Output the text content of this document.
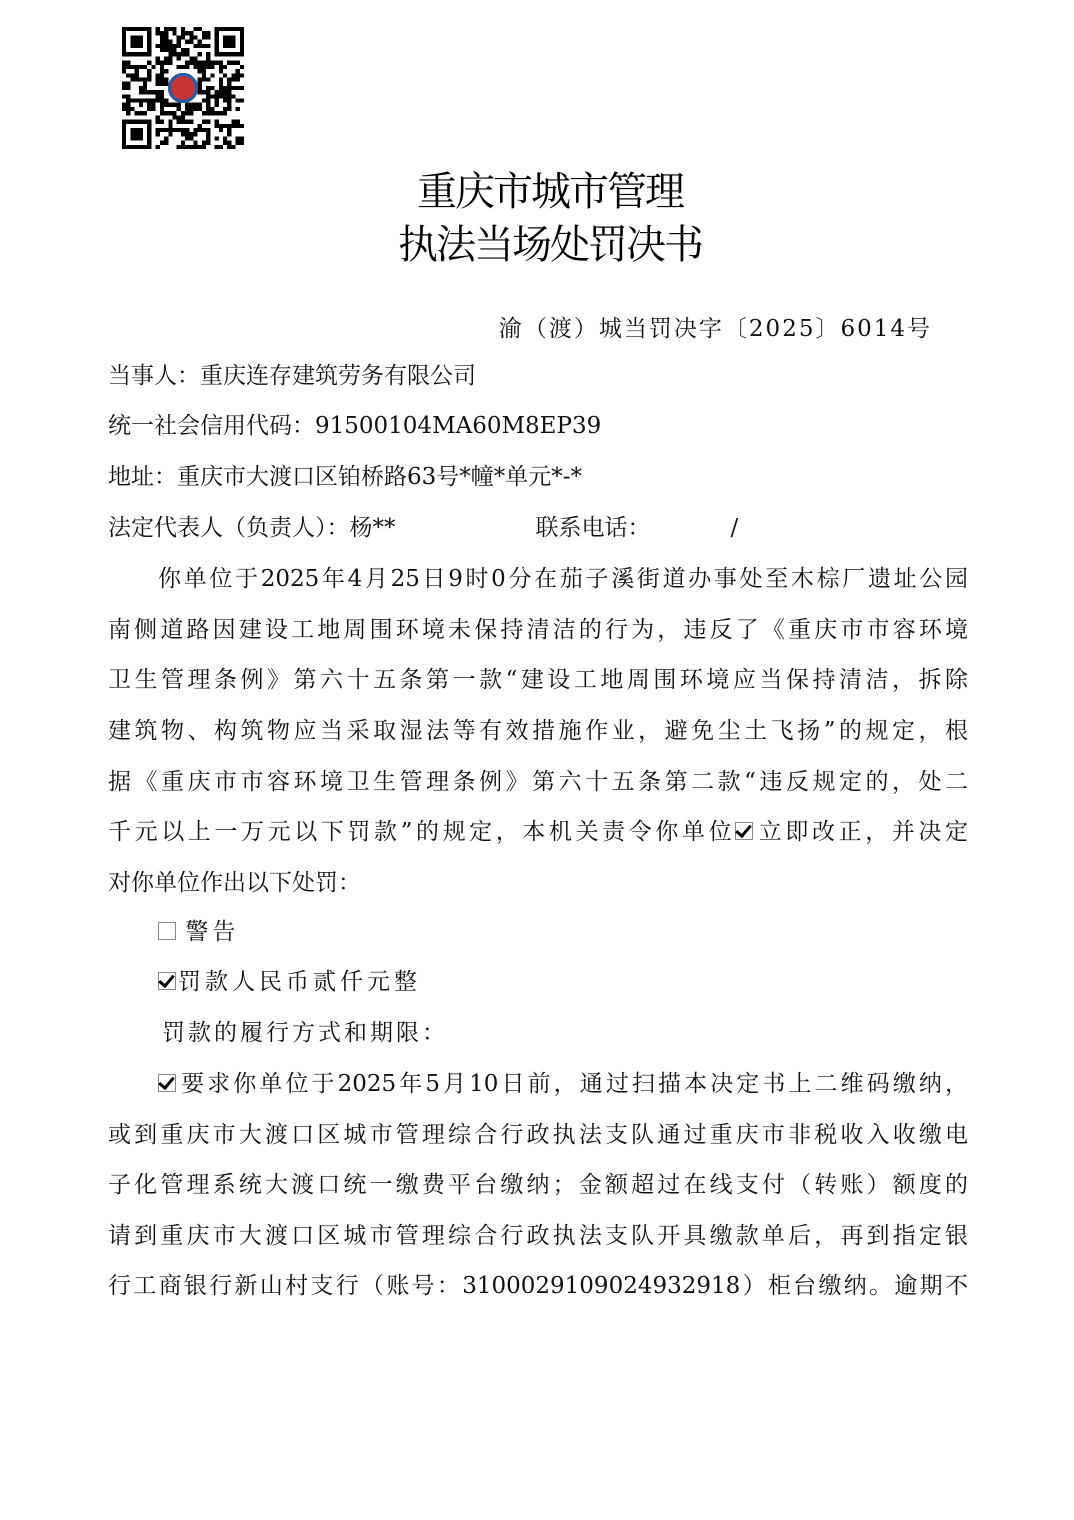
重庆市城市管理
执法当场处罚决书
渝（渡）城当罚决字〔2025〕6014号
当事人：重庆连存建筑劳务有限公司
统一社会信用代码：91500104MA60M8EP39
地址：重庆市大渡口区铂桥路63号*幢*单元*-*
法定代表人（负责人）：杨**	联系电话：	/
你单位于2025年4月25日9时0分在茄子溪街道办事处至木棕厂遗址公园
南侧道路因建设工地周围环境未保持清洁的行为，违反了《重庆市市容环境
卫生管理条例》第六十五条第一款“建设工地周围环境应当保持清洁，拆除
建筑物、构筑物应当采取湿法等有效措施作业，避免尘土飞扬”的规定，根
据《重庆市市容环境卫生管理条例》第六十五条第二款“违反规定的，处二
千元以上一万元以下罚款”的规定，本机关责令你单位 立即改正，并决定
对你单位作出以下处罚：
警告
罚款人民币贰仟元整
罚款的履行方式和期限：
要求你单位于2025年5月10日前，通过扫描本决定书上二维码缴纳，
或到重庆市大渡口区城市管理综合行政执法支队通过重庆市非税收入收缴电
子化管理系统大渡口统一缴费平台缴纳；金额超过在线支付（转账）额度的
请到重庆市大渡口区城市管理综合行政执法支队开具缴款单后，再到指定银
行工商银行新山村支行（账号：310002910902493291​8）柜台缴纳。逾期不
